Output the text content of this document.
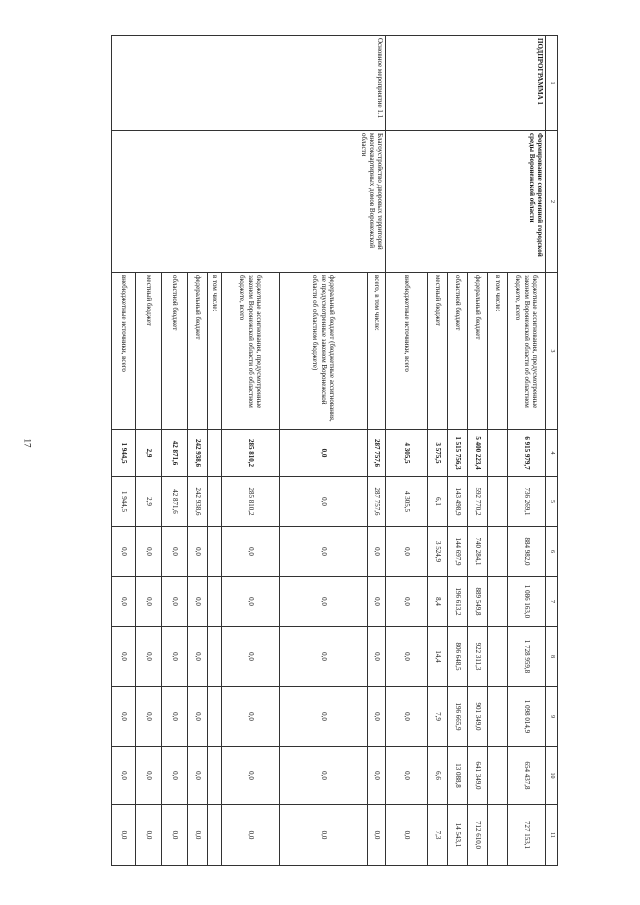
17
1	2	3	4	5	6	7	8	9	10	11
ПОДПРОГРАММА 1	Формирование современной городской среды Воронежской области	бюджетные ассигнования, предусмотренные законом Воронежской области об областном бюджете, всего	6 915 979,7	736 269,1	884 982,0	1 086 163,0	1 728 959,8	1 098 014,9	654 437,8	727 153,1
		в том числе:								
		федеральный бюджет	5 400 223,4	592 770,2	740 284,1	889 549,8	922 311,3	901 349,0	641 349,0	712 610,0
		областной бюджет	1 515 756,3	143 498,9	144 697,9	196 613,2	806 648,5	196 665,9	13 088,8	14 543,1
		местный бюджет	3 575,5	6,1	3 524,9	8,4	14,4	7,9	6,6	7,3
		внебюджетные источники, всего	4 305,5	4 305,5	0,0	0,0	0,0	0,0	0,0	0,0
Основное мероприятие 1.1	Благоустройство дворовых территорий многоквартирных домов Воронежской области	всего, в том числе:	287 757,6	287 757,6	0,0	0,0	0,0	0,0	0,0	0,0
		федеральный бюджет (бюджетные ассигнования, не предусмотренные законом Воронежской области об областном бюджете)	0,0	0,0	0,0	0,0	0,0	0,0	0,0	0,0
		бюджетные ассигнования, предусмотренные законом Воронежской области об областном бюджете, всего	285 810,2	285 810,2	0,0	0,0	0,0	0,0	0,0	0,0
		в том числе:								
		федеральный бюджет	242 938,6	242 938,6	0,0	0,0	0,0	0,0	0,0	0,0
		областной бюджет	42 871,6	42 871,6	0,0	0,0	0,0	0,0	0,0	0,0
		местный бюджет	2,9	2,9	0,0	0,0	0,0	0,0	0,0	0,0
		внебюджетные источники, всего	1 944,5	1 944,5	0,0	0,0	0,0	0,0	0,0	0,0
